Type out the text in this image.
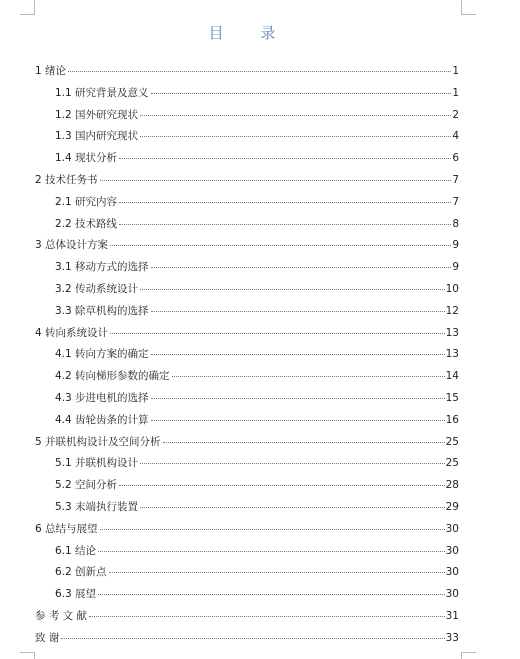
目 录
1 绪论	1
1.1 研究背景及意义	1
1.2 国外研究现状	2
1.3 国内研究现状	4
1.4 现状分析	6
2 技术任务书	7
2.1 研究内容	7
2.2 技术路线	8
3 总体设计方案	9
3.1 移动方式的选择	9
3.2 传动系统设计	10
3.3 除草机构的选择	12
4 转向系统设计	13
4.1 转向方案的确定	13
4.2 转向梯形参数的确定	14
4.3 步进电机的选择	15
4.4 齿轮齿条的计算	16
5 并联机构设计及空间分析	25
5.1 并联机构设计	25
5.2 空间分析	28
5.3 末端执行装置	29
6 总结与展望	30
6.1 结论	30
6.2 创新点	30
6.3 展望	30
参 考 文 献	31
致 谢	33
